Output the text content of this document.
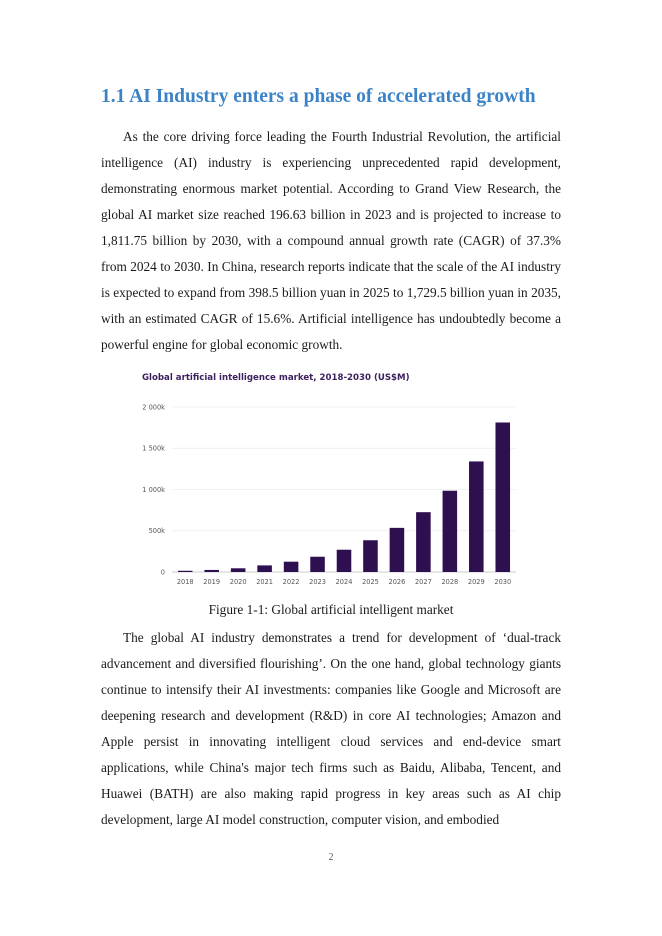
1.1 AI Industry enters a phase of accelerated growth

As the core driving force leading the Fourth Industrial Revolution, the artificial intelligence (AI) industry is experiencing unprecedented rapid development, demonstrating enormous market potential. According to Grand View Research, the global AI market size reached 196.63 billion in 2023 and is projected to increase to 1,811.75 billion by 2030, with a compound annual growth rate (CAGR) of 37.3% from 2024 to 2030. In China, research reports indicate that the scale of the AI industry is expected to expand from 398.5 billion yuan in 2025 to 1,729.5 billion yuan in 2035, with an estimated CAGR of 15.6%. Artificial intelligence has undoubtedly become a powerful engine for global economic growth.

Global artificial intelligence market, 2018-2030 (US$M)
0
500k
1 000k
1 500k
2 000k
2018 2019 2020 2021 2022 2023 2024 2025 2026 2027 2028 2029 2030
Figure 1-1: Global artificial intelligent market

The global AI industry demonstrates a trend for development of ‘dual-track advancement and diversified flourishing’. On the one hand, global technology giants continue to intensify their AI investments: companies like Google and Microsoft are deepening research and development (R&D) in core AI technologies; Amazon and Apple persist in innovating intelligent cloud services and end-device smart applications, while China's major tech firms such as Baidu, Alibaba, Tencent, and Huawei (BATH) are also making rapid progress in key areas such as AI chip development, large AI model construction, computer vision, and embodied

2
